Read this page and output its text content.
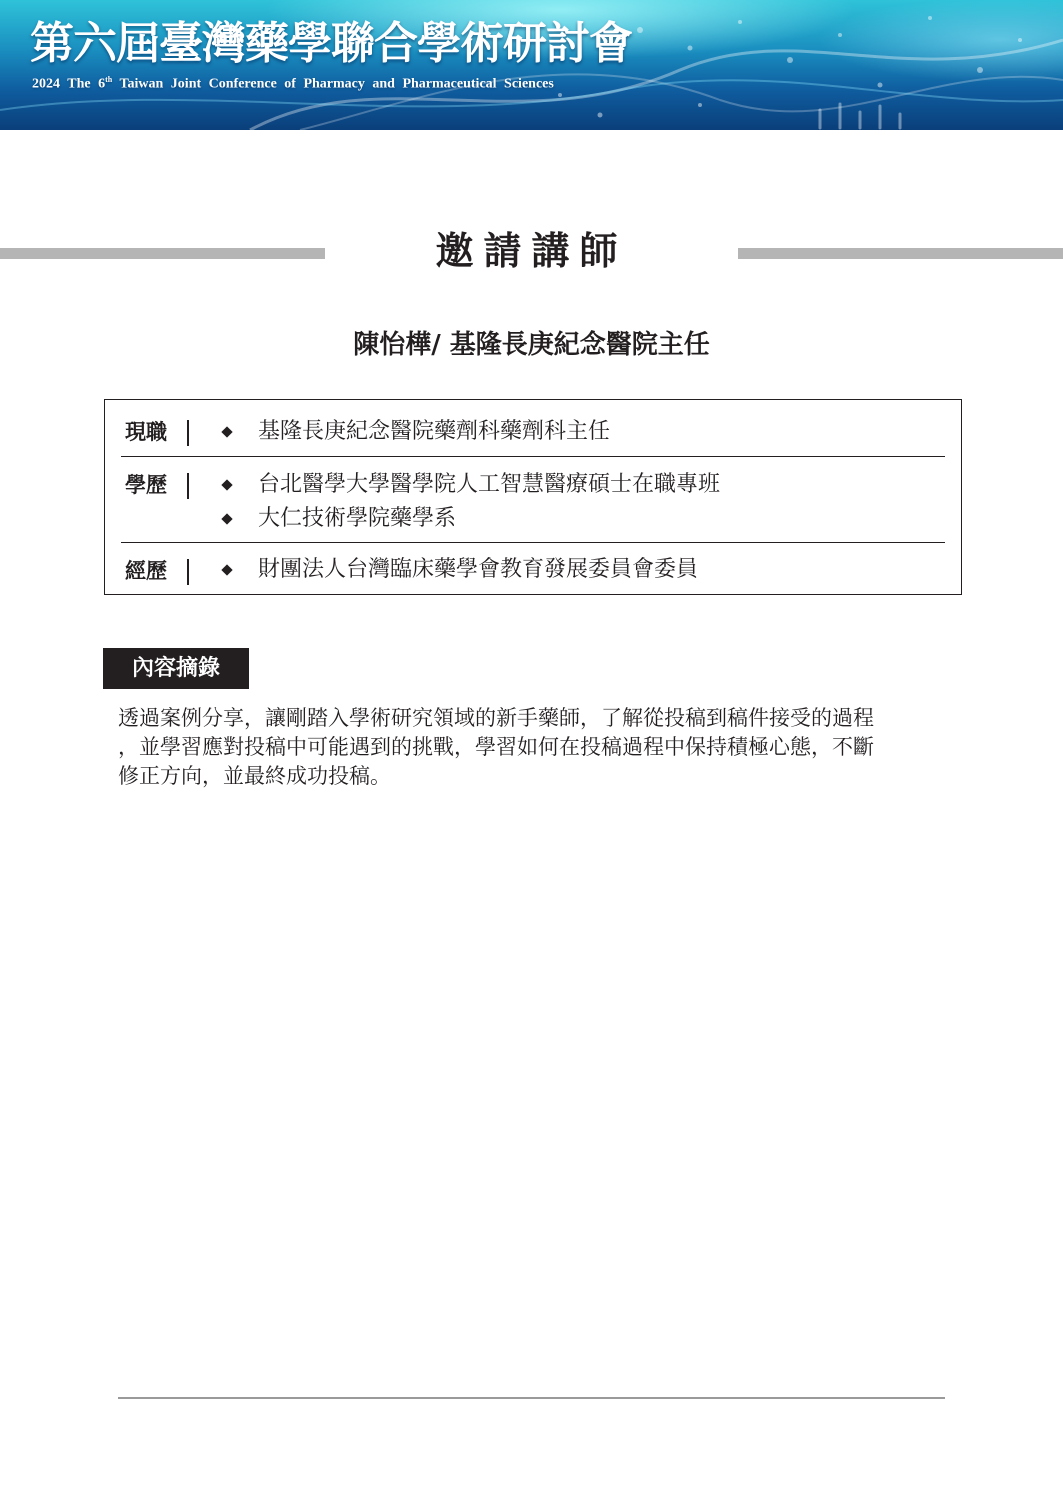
第六屆臺灣藥學聯合學術研討會

2024 The 6th Taiwan Joint Conference of Pharmacy and Pharmaceutical Sciences

邀請講師

陳怡樺/ 基隆長庚紀念醫院主任

現職	基隆長庚紀念醫院藥劑科藥劑科主任
學歷	台北醫學大學醫學院人工智慧醫療碩士在職專班
大仁技術學院藥學系
經歷	財團法人台灣臨床藥學會教育發展委員會委員
內容摘錄

透過案例分享，讓剛踏入學術研究領域的新手藥師，了解從投稿到稿件接受的過程

，並學習應對投稿中可能遇到的挑戰，學習如何在投稿過程中保持積極心態，不斷

修正方向，並最終成功投稿。
